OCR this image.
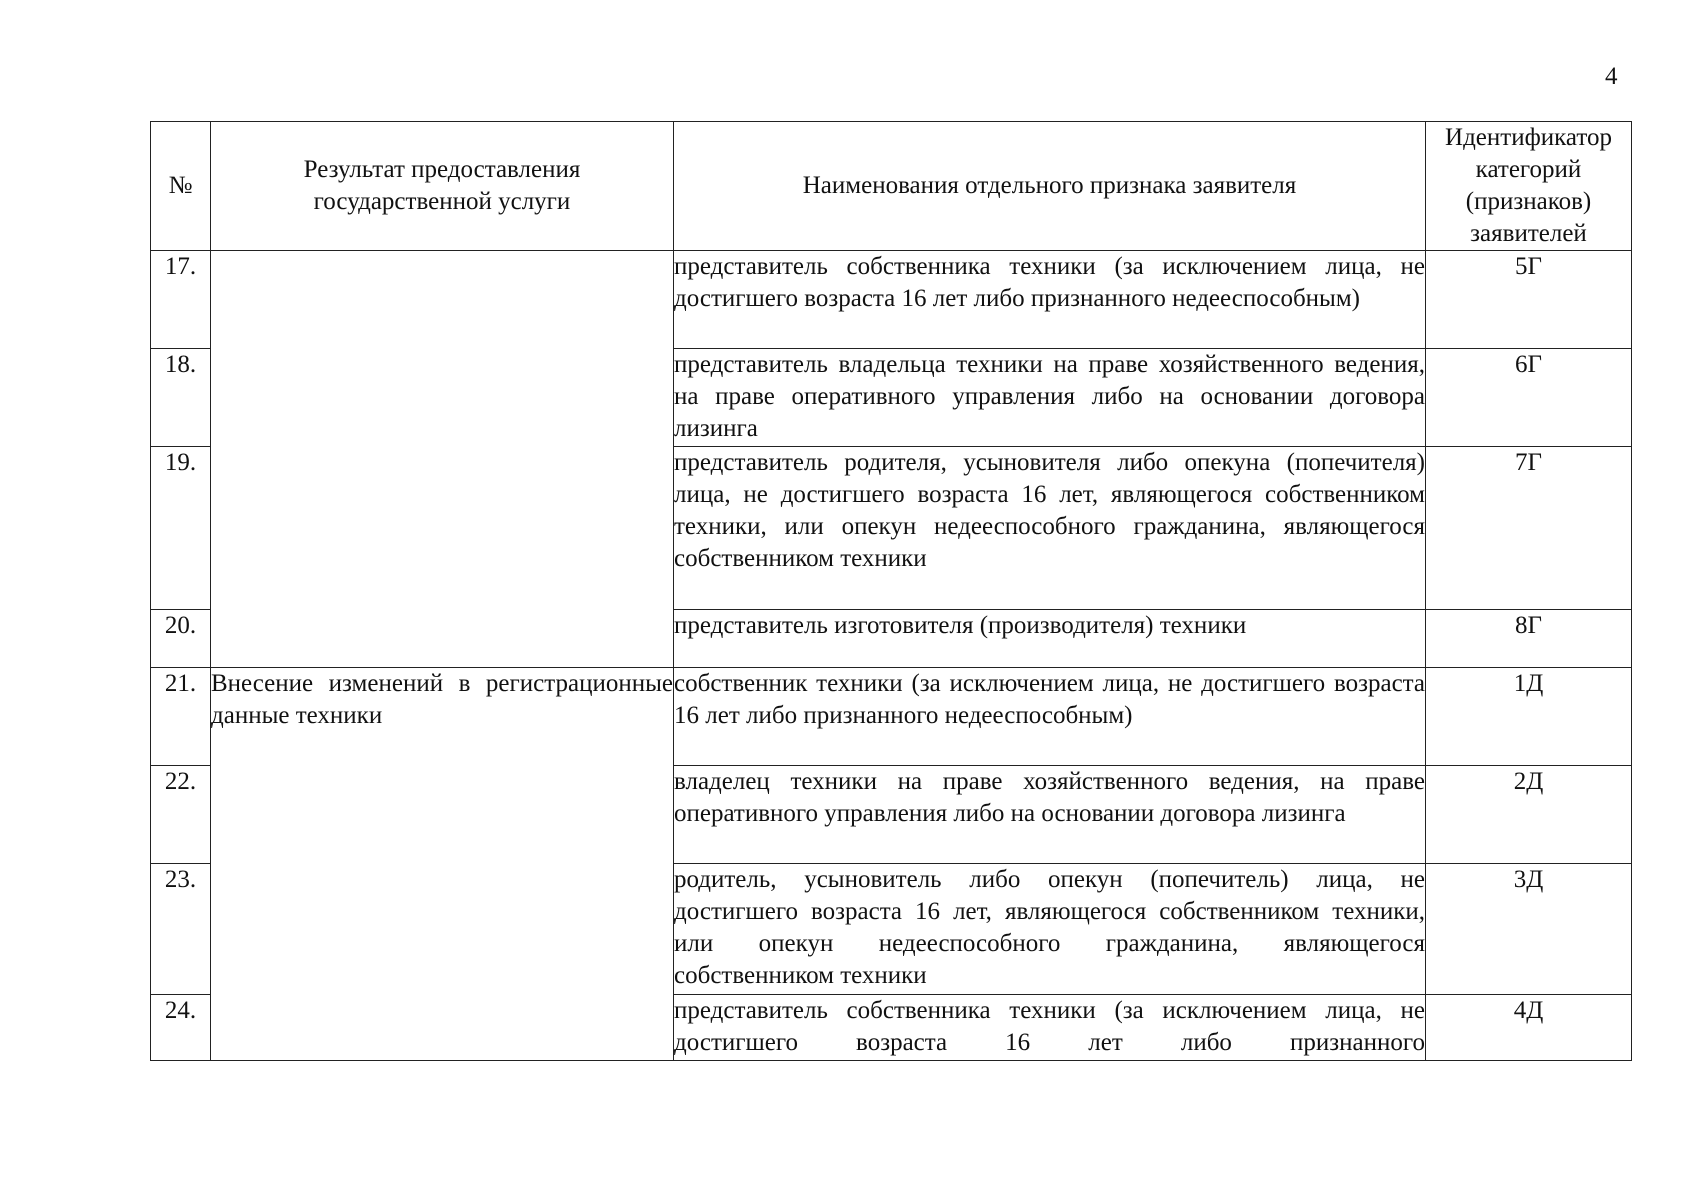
4
№	Результат предоставления государственной услуги	Наименования отдельного признака заявителя	Идентификатор категорий (признаков) заявителей
17.		представитель собственника техники (за исключением лица, не достигшего возраста 16 лет либо признанного недееспособным)	5Г
18.		представитель владельца техники на праве хозяйственного ведения, на праве оперативного управления либо на основании договора лизинга	6Г
19.		представитель родителя, усыновителя либо опекуна (попечителя) лица, не достигшего возраста 16 лет, являющегося собственником техники, или опекун недееспособного гражданина, являющегося собственником техники	7Г
20.		представитель изготовителя (производителя) техники	8Г
21.	Внесение изменений в регистрационные данные техники	собственник техники (за исключением лица, не достигшего возраста 16 лет либо признанного недееспособным)	1Д
22.		владелец техники на праве хозяйственного ведения, на праве оперативного управления либо на основании договора лизинга	2Д
23.		родитель, усыновитель либо опекун (попечитель) лица, не достигшего возраста 16 лет, являющегося собственником техники, или опекун недееспособного гражданина, являющегося собственником техники	3Д
24.		представитель собственника техники (за исключением лица, не достигшего возраста 16 лет либо признанного	4Д
